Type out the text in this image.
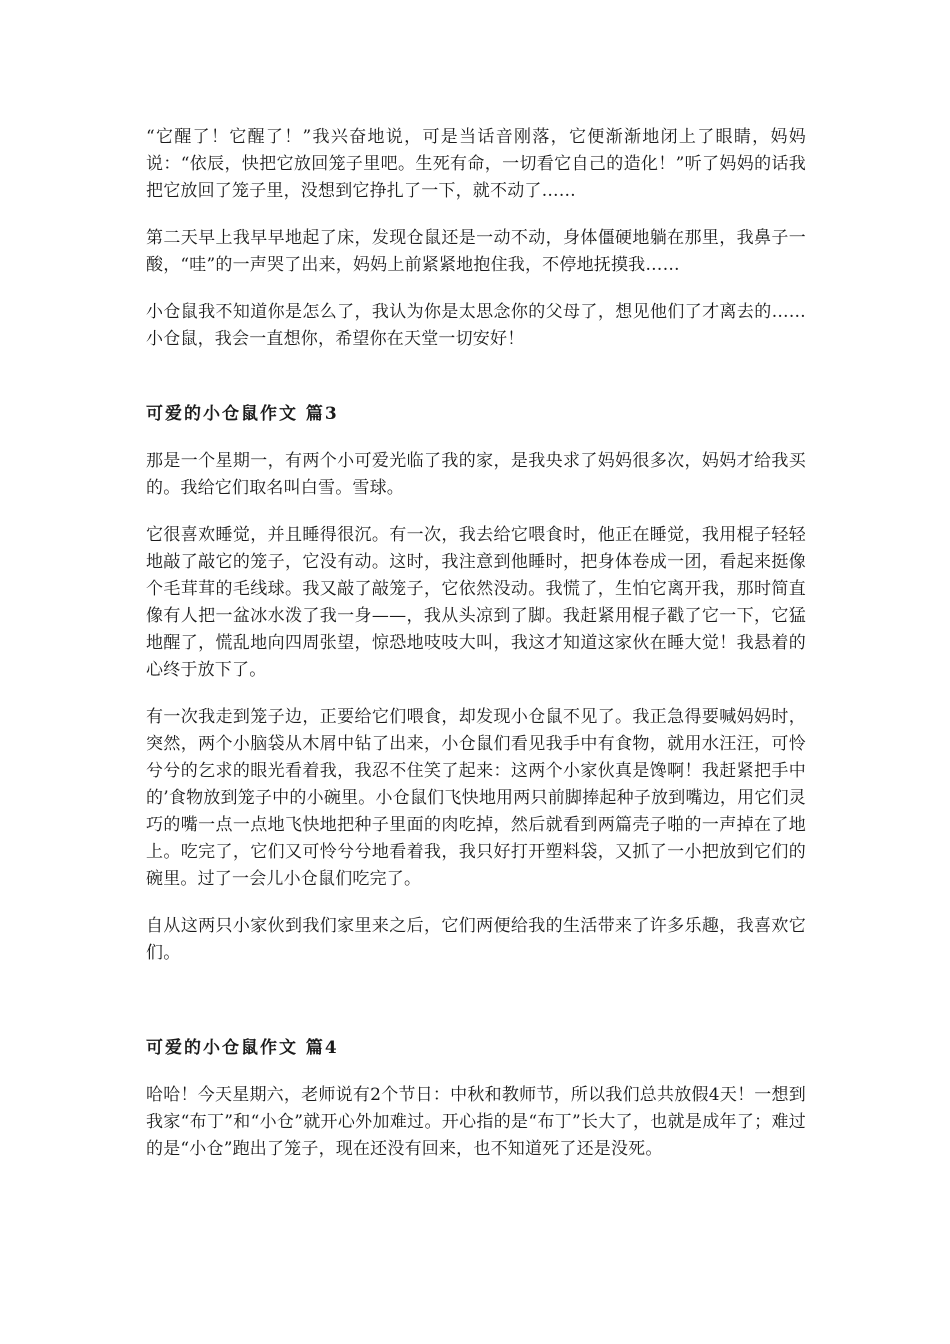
“它醒了！它醒了！”我兴奋地说，可是当话音刚落，它便渐渐地闭上了眼睛，妈妈说：“依辰，快把它放回笼子里吧。生死有命，一切看它自己的造化！”听了妈妈的话我把它放回了笼子里，没想到它挣扎了一下，就不动了……

第二天早上我早早地起了床，发现仓鼠还是一动不动，身体僵硬地躺在那里，我鼻子一酸，“哇”的一声哭了出来，妈妈上前紧紧地抱住我，不停地抚摸我……

小仓鼠我不知道你是怎么了，我认为你是太思念你的父母了，想见他们了才离去的……小仓鼠，我会一直想你，希望你在天堂一切安好！

可爱的小仓鼠作文 篇3

那是一个星期一，有两个小可爱光临了我的家，是我央求了妈妈很多次，妈妈才给我买的。我给它们取名叫白雪。雪球。

它很喜欢睡觉，并且睡得很沉。有一次，我去给它喂食时，他正在睡觉，我用棍子轻轻地敲了敲它的笼子，它没有动。这时，我注意到他睡时，把身体卷成一团，看起来挺像个毛茸茸的毛线球。我又敲了敲笼子，它依然没动。我慌了，生怕它离开我，那时简直像有人把一盆冰水泼了我一身——，我从头凉到了脚。我赶紧用棍子戳了它一下，它猛地醒了，慌乱地向四周张望，惊恐地吱吱大叫，我这才知道这家伙在睡大觉！我悬着的心终于放下了。

有一次我走到笼子边，正要给它们喂食，却发现小仓鼠不见了。我正急得要喊妈妈时，突然，两个小脑袋从木屑中钻了出来，小仓鼠们看见我手中有食物，就用水汪汪，可怜兮兮的乞求的眼光看着我，我忍不住笑了起来：这两个小家伙真是馋啊！我赶紧把手中的’食物放到笼子中的小碗里。小仓鼠们飞快地用两只前脚捧起种子放到嘴边，用它们灵巧的嘴一点一点地飞快地把种子里面的肉吃掉，然后就看到两篇壳子啪的一声掉在了地上。吃完了，它们又可怜兮兮地看着我，我只好打开塑料袋，又抓了一小把放到它们的碗里。过了一会儿小仓鼠们吃完了。

自从这两只小家伙到我们家里来之后，它们两便给我的生活带来了许多乐趣，我喜欢它们。

可爱的小仓鼠作文 篇4

哈哈！今天星期六，老师说有2个节日：中秋和教师节，所以我们总共放假4天！一想到我家“布丁”和“小仓”就开心外加难过。开心指的是“布丁”长大了，也就是成年了；难过的是“小仓”跑出了笼子，现在还没有回来，也不知道死了还是没死。
